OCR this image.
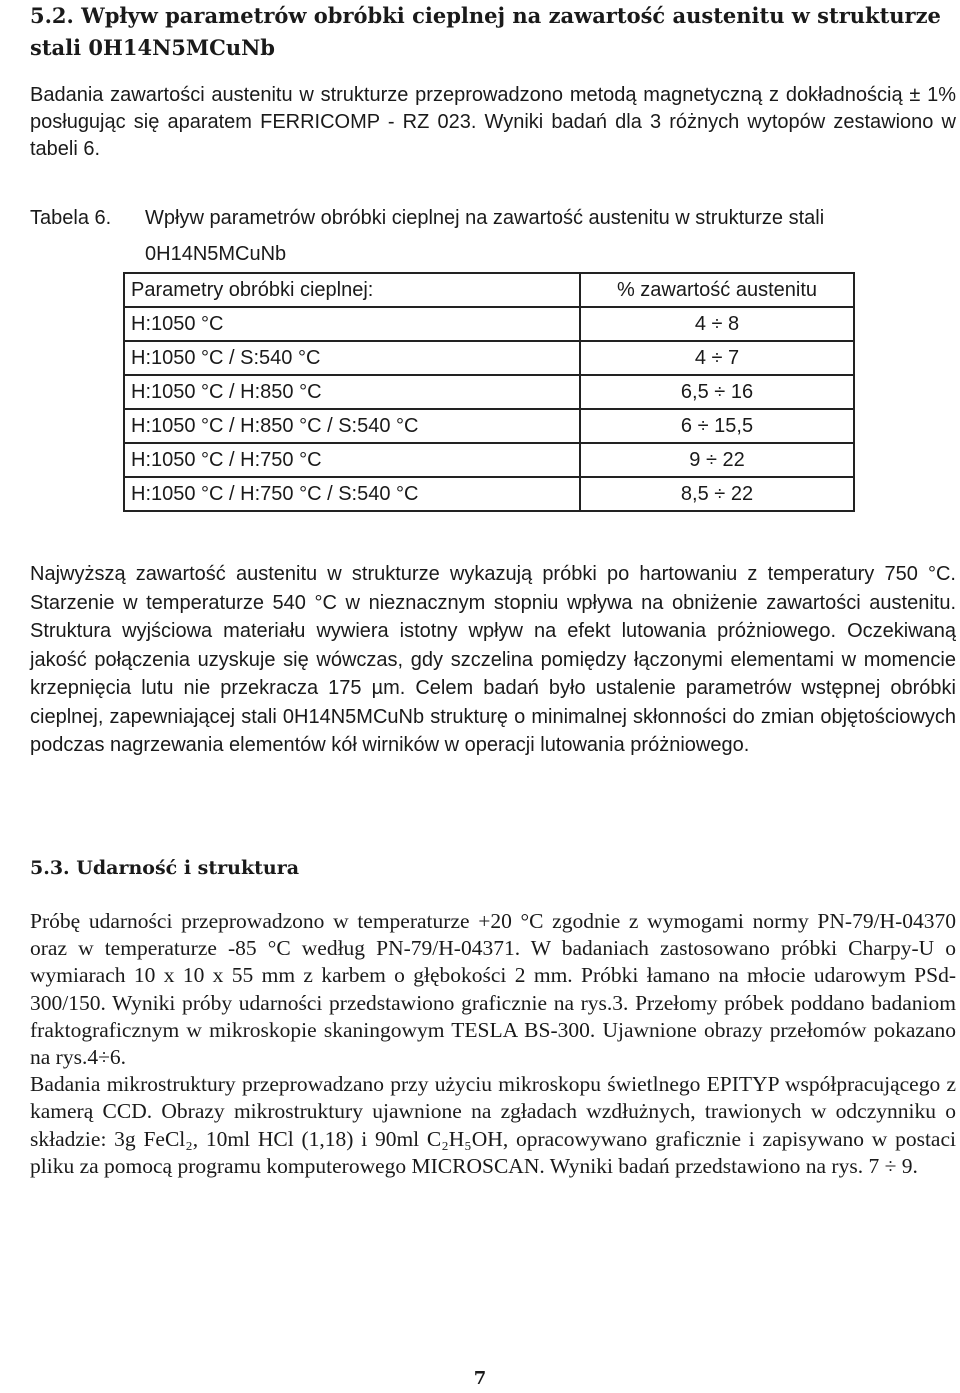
5.2. Wpływ parametrów obróbki cieplnej na zawartość austenitu w strukturze stali 0H14N5MCuNb

Badania zawartości austenitu w strukturze przeprowadzono metodą magnetyczną z dokładnością ± 1% posługując się aparatem FERRICOMP - RZ 023. Wyniki badań dla 3 różnych wytopów zestawiono w tabeli 6.

Tabela 6. Wpływ parametrów obróbki cieplnej na zawartość austenitu w strukturze stali
0H14N5MCuNb
Parametry obróbki cieplnej:	% zawartość austenitu
H:1050 °C	4 ÷ 8
H:1050 °C / S:540 °C	4 ÷ 7
H:1050 °C / H:850 °C	6,5 ÷ 16
H:1050 °C / H:850 °C / S:540 °C	6 ÷ 15,5
H:1050 °C / H:750 °C	9 ÷ 22
H:1050 °C / H:750 °C / S:540 °C	8,5 ÷ 22

Najwyższą zawartość austenitu w strukturze wykazują próbki po hartowaniu z temperatury 750 °C. Starzenie w temperaturze 540 °C w nieznacznym stopniu wpływa na obniżenie zawartości austenitu. Struktura wyjściowa materiału wywiera istotny wpływ na efekt lutowania próżniowego. Oczekiwaną jakość połączenia uzyskuje się wówczas, gdy szczelina pomiędzy łączonymi elementami w momencie krzepnięcia lutu nie przekracza 175 µm. Celem badań było ustalenie parametrów wstępnej obróbki cieplnej, zapewniającej stali 0H14N5MCuNb strukturę o minimalnej skłonności do zmian objętościowych podczas nagrzewania elementów kół wirników w operacji lutowania próżniowego.

5.3. Udarność i struktura

Próbę udarności przeprowadzono w temperaturze +20 °C zgodnie z wymogami normy PN-79/H-04370 oraz w temperaturze -85 °C według PN-79/H-04371. W badaniach zastosowano próbki Charpy-U o wymiarach 10 x 10 x 55 mm z karbem o głębokości 2 mm. Próbki łamano na młocie udarowym PSd-300/150. Wyniki próby udarności przedstawiono graficznie na rys.3. Przełomy próbek poddano badaniom fraktograficznym w mikroskopie skaningowym TESLA BS-300. Ujawnione obrazy przełomów pokazano na rys.4÷6.

Badania mikrostruktury przeprowadzano przy użyciu mikroskopu świetlnego EPITYP współpracującego z kamerą CCD. Obrazy mikrostruktury ujawnione na zgładach wzdłużnych, trawionych w odczynniku o składzie: 3g FeCl₂, 10ml HCl (1,18) i 90ml C₂H₅OH, opracowywano graficznie i zapisywano w postaci pliku za pomocą programu komputerowego MICROSCAN. Wyniki badań przedstawiono na rys. 7 ÷ 9.

7
